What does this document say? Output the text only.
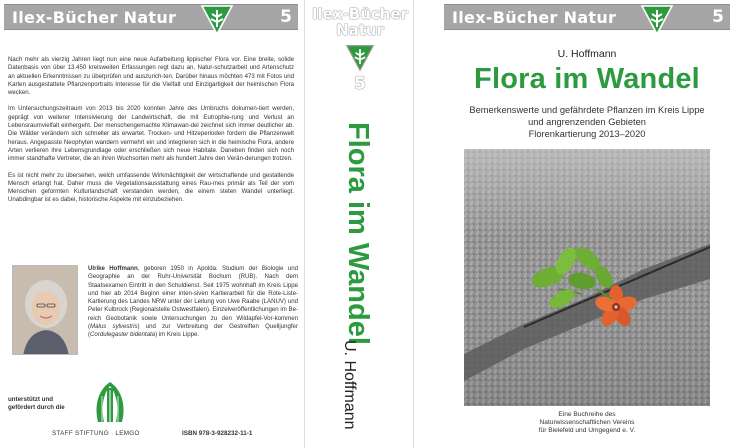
Ilex-Bücher Natur	5

Nach mehr als vierzig Jahren liegt nun eine neue Aufarbeitung lippischer Flora vor. Eine breite, solide Datenbasis von über 13.450 kreisweiten Erfassungen regt dazu an, Natur-schutzarbeit und Artenschutz an aktuellen Erkenntnissen zu überprüfen und auszurich-ten. Darüber hinaus möchten 473 mit Fotos und Karten ausgestattete Pflanzenportraits Interesse für die Vielfalt und Einzigartigkeit der heimischen Flora wecken.

Im Untersuchungszeitraum von 2013 bis 2020 konnten Jahre des Umbruchs dokumen-tiert werden, geprägt von weiterer Intensivierung der Landwirtschaft, die mit Eutrophie-rung und Verlust an Lebensraumvielfalt einhergeht. Der menschengemachte Klimawan-del zeichnet sich immer deutlicher ab. Die Wälder verändern sich schneller als erwartet. Trocken- und Hitzeperioden fordern die Pflanzenwelt heraus. Angepasste Neophyten wandern vermehrt ein und integrieren sich in die heimische Flora, andere Arten verlieren ihre Lebensgrundlage oder erschließen sich neue Habitate. Daneben finden sich noch immer standhafte Vertreter, die an ihren Wuchsorten mehr als hundert Jahre den Verän-derungen trotzen.

Es ist nicht mehr zu übersehen, welch umfassende Wirkmächtigkeit der wirtschaftende und gestaltende Mensch erlangt hat. Daher muss die Vegetationsausstattung eines Rau-mes primär als Teil der vom Menschen geformten Kulturlandschaft verstanden werden, die einem steten Wandel unterliegt. Unabdingbar ist es dabei, historische Aspekte mit einzubeziehen.

Ulrike Hoffmann, geboren 1950 in Apolda. Studium der Biologie und Geographie an der Ruhr-Universität Bochum (RUB). Nach dem Staatsexamen Eintritt in den Schuldienst. Seit 1975 wohnhaft im Kreis Lippe und hier ab 2014 Beginn einer inten-siven Kartierarbeit für die Rote-Liste-Kartierung des Landes NRW unter der Leitung von Uwe Raabe (LANUV) und Peter Kulbrock (Regionalstelle Ostwestfalen). Einzelveröffentlichungen im Be-reich Geobotanik sowie Untersuchungen zu den Wildapfel-Vor-kommen (Malus sylvestris) und zur Verbreitung der Gestreiften Quelljungfer (Cordulegaster bidentata) im Kreis Lippe.
unterstützt und
gefördert durch die
STAFF STIFTUNG · LEMGO	ISBN 978-3-928232-11-1
Ilex-Bücher
Natur
5
Flora im Wandel
U. Hoffmann
Ilex-Bücher Natur	5
U. Hoffmann
Flora im Wandel
Bemerkenswerte und gefährdete Pflanzen im Kreis Lippe
und angrenzenden Gebieten
Florenkartierung 2013–2020
Eine Buchreihe des
Naturwissenschaftlichen Vereins
für Bielefeld und Umgegend e. V.
